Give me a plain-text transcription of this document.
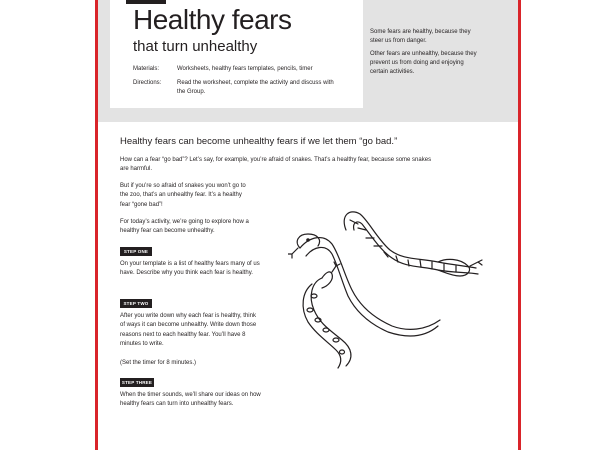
Healthy fears
that turn unhealthy
Materials:	Worksheets, healthy fears templates, pencils, timer
Directions:	Read the worksheet, complete the activity and discuss with the Group.

Some fears are healthy, because they steer us from danger.

Other fears are unhealthy, because they prevent us from doing and enjoying certain activities.

Healthy fears can become unhealthy fears if we let them “go bad.”
How can a fear “go bad”? Let’s say, for example, you’re afraid of snakes. That’s a healthy fear, because some snakes are harmful.
But if you’re so afraid of snakes you won’t go to the zoo, that’s an unhealthy fear. It’s a healthy fear “gone bad”!
For today’s activity, we’re going to explore how a healthy fear can become unhealthy.
STEP ONE
On your template is a list of healthy fears many of us have. Describe why you think each fear is healthy.
STEP TWO
After you write down why each fear is healthy, think of ways it can become unhealthy. Write down those reasons next to each healthy fear. You’ll have 8 minutes to write.
(Set the timer for 8 minutes.)
STEP THREE
When the timer sounds, we’ll share our ideas on how healthy fears can turn into unhealthy fears.
